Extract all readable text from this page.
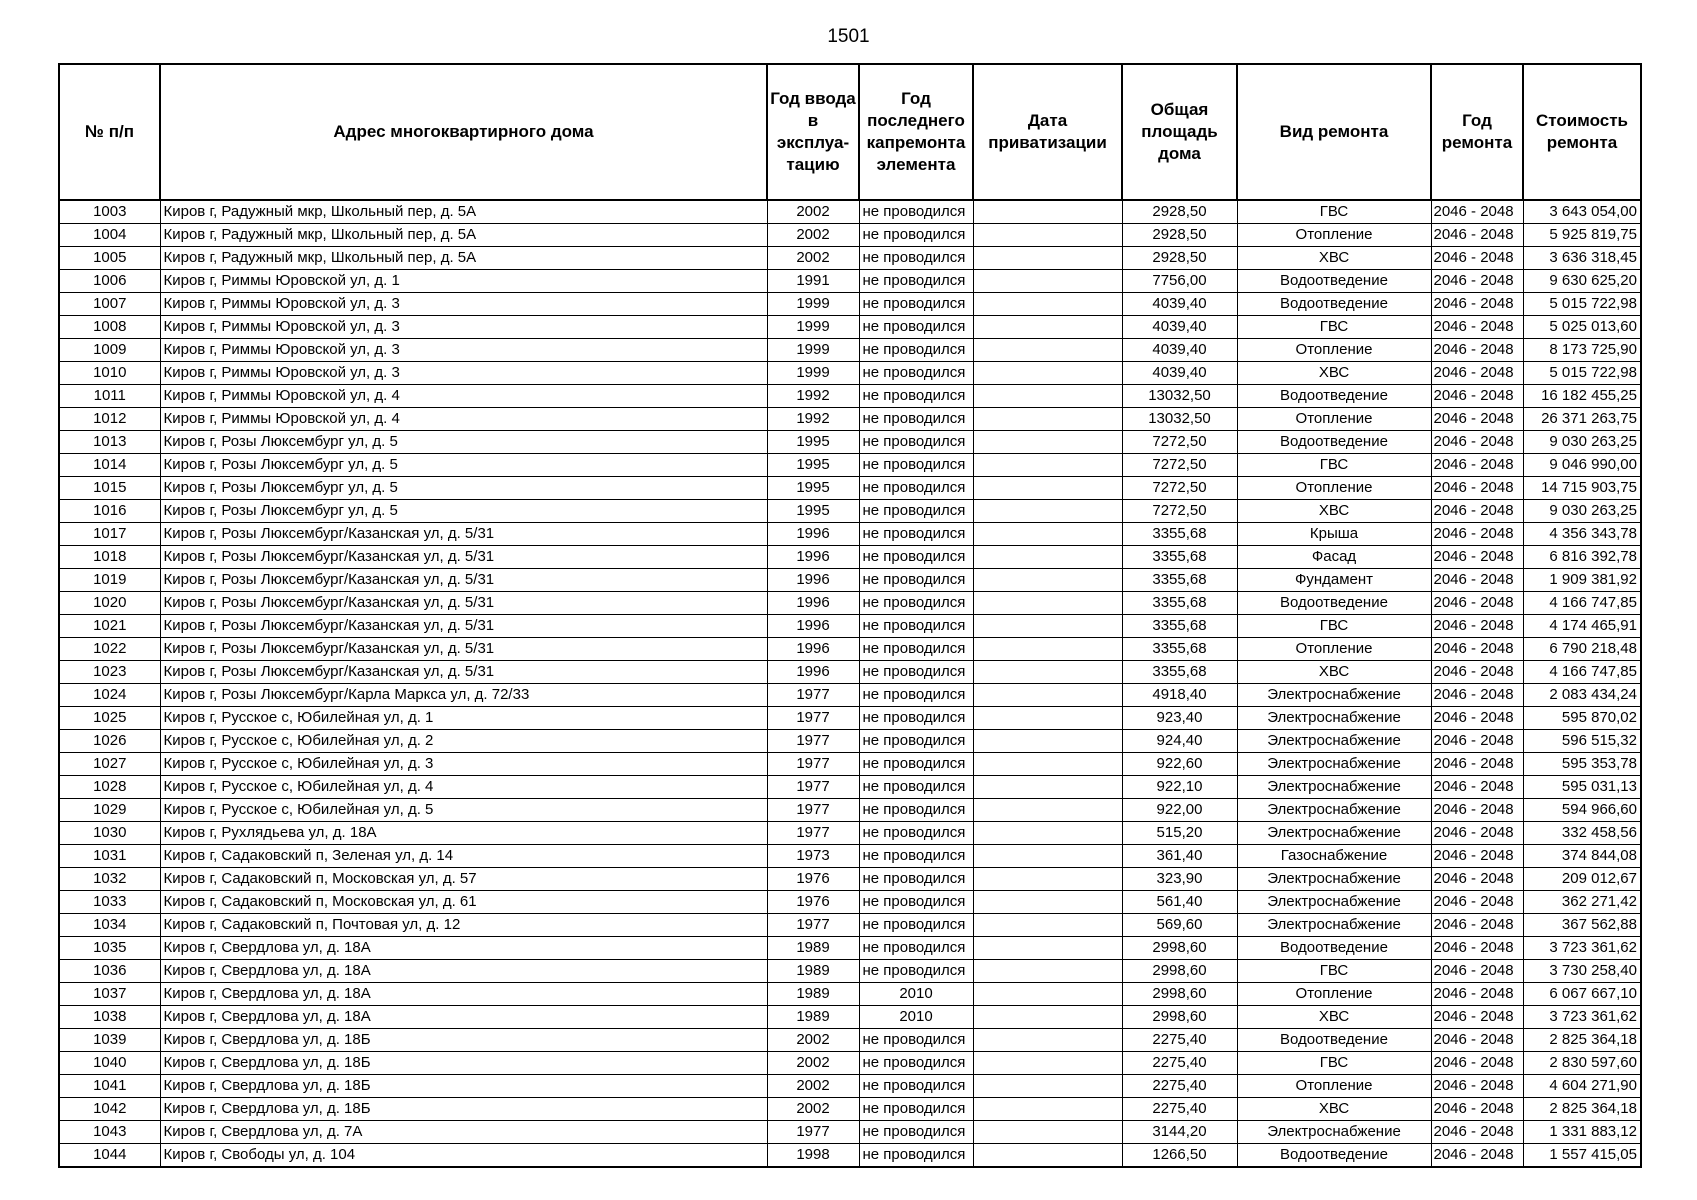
1501
№ п/п	Адрес многоквартирного дома	Год ввода в эксплуа-тацию	Год последнего капремонта элемента	Дата приватизации	Общая площадь дома	Вид ремонта	Год ремонта	Стоимость ремонта
1003	Киров г, Радужный мкр, Школьный пер, д. 5А	2002	не проводился		2928,50	ГВС	2046 - 2048	3 643 054,00
1004	Киров г, Радужный мкр, Школьный пер, д. 5А	2002	не проводился		2928,50	Отопление	2046 - 2048	5 925 819,75
1005	Киров г, Радужный мкр, Школьный пер, д. 5А	2002	не проводился		2928,50	ХВС	2046 - 2048	3 636 318,45
1006	Киров г, Риммы Юровской ул, д. 1	1991	не проводился		7756,00	Водоотведение	2046 - 2048	9 630 625,20
1007	Киров г, Риммы Юровской ул, д. 3	1999	не проводился		4039,40	Водоотведение	2046 - 2048	5 015 722,98
1008	Киров г, Риммы Юровской ул, д. 3	1999	не проводился		4039,40	ГВС	2046 - 2048	5 025 013,60
1009	Киров г, Риммы Юровской ул, д. 3	1999	не проводился		4039,40	Отопление	2046 - 2048	8 173 725,90
1010	Киров г, Риммы Юровской ул, д. 3	1999	не проводился		4039,40	ХВС	2046 - 2048	5 015 722,98
1011	Киров г, Риммы Юровской ул, д. 4	1992	не проводился		13032,50	Водоотведение	2046 - 2048	16 182 455,25
1012	Киров г, Риммы Юровской ул, д. 4	1992	не проводился		13032,50	Отопление	2046 - 2048	26 371 263,75
1013	Киров г, Розы Люксембург ул, д. 5	1995	не проводился		7272,50	Водоотведение	2046 - 2048	9 030 263,25
1014	Киров г, Розы Люксембург ул, д. 5	1995	не проводился		7272,50	ГВС	2046 - 2048	9 046 990,00
1015	Киров г, Розы Люксембург ул, д. 5	1995	не проводился		7272,50	Отопление	2046 - 2048	14 715 903,75
1016	Киров г, Розы Люксембург ул, д. 5	1995	не проводился		7272,50	ХВС	2046 - 2048	9 030 263,25
1017	Киров г, Розы Люксембург/Казанская ул, д. 5/31	1996	не проводился		3355,68	Крыша	2046 - 2048	4 356 343,78
1018	Киров г, Розы Люксембург/Казанская ул, д. 5/31	1996	не проводился		3355,68	Фасад	2046 - 2048	6 816 392,78
1019	Киров г, Розы Люксембург/Казанская ул, д. 5/31	1996	не проводился		3355,68	Фундамент	2046 - 2048	1 909 381,92
1020	Киров г, Розы Люксембург/Казанская ул, д. 5/31	1996	не проводился		3355,68	Водоотведение	2046 - 2048	4 166 747,85
1021	Киров г, Розы Люксембург/Казанская ул, д. 5/31	1996	не проводился		3355,68	ГВС	2046 - 2048	4 174 465,91
1022	Киров г, Розы Люксембург/Казанская ул, д. 5/31	1996	не проводился		3355,68	Отопление	2046 - 2048	6 790 218,48
1023	Киров г, Розы Люксембург/Казанская ул, д. 5/31	1996	не проводился		3355,68	ХВС	2046 - 2048	4 166 747,85
1024	Киров г, Розы Люксембург/Карла Маркса ул, д. 72/33	1977	не проводился		4918,40	Электроснабжение	2046 - 2048	2 083 434,24
1025	Киров г, Русское с, Юбилейная ул, д. 1	1977	не проводился		923,40	Электроснабжение	2046 - 2048	595 870,02
1026	Киров г, Русское с, Юбилейная ул, д. 2	1977	не проводился		924,40	Электроснабжение	2046 - 2048	596 515,32
1027	Киров г, Русское с, Юбилейная ул, д. 3	1977	не проводился		922,60	Электроснабжение	2046 - 2048	595 353,78
1028	Киров г, Русское с, Юбилейная ул, д. 4	1977	не проводился		922,10	Электроснабжение	2046 - 2048	595 031,13
1029	Киров г, Русское с, Юбилейная ул, д. 5	1977	не проводился		922,00	Электроснабжение	2046 - 2048	594 966,60
1030	Киров г, Рухлядьева ул, д. 18А	1977	не проводился		515,20	Электроснабжение	2046 - 2048	332 458,56
1031	Киров г, Садаковский п, Зеленая ул, д. 14	1973	не проводился		361,40	Газоснабжение	2046 - 2048	374 844,08
1032	Киров г, Садаковский п, Московская ул, д. 57	1976	не проводился		323,90	Электроснабжение	2046 - 2048	209 012,67
1033	Киров г, Садаковский п, Московская ул, д. 61	1976	не проводился		561,40	Электроснабжение	2046 - 2048	362 271,42
1034	Киров г, Садаковский п, Почтовая ул, д. 12	1977	не проводился		569,60	Электроснабжение	2046 - 2048	367 562,88
1035	Киров г, Свердлова ул, д. 18А	1989	не проводился		2998,60	Водоотведение	2046 - 2048	3 723 361,62
1036	Киров г, Свердлова ул, д. 18А	1989	не проводился		2998,60	ГВС	2046 - 2048	3 730 258,40
1037	Киров г, Свердлова ул, д. 18А	1989	2010		2998,60	Отопление	2046 - 2048	6 067 667,10
1038	Киров г, Свердлова ул, д. 18А	1989	2010		2998,60	ХВС	2046 - 2048	3 723 361,62
1039	Киров г, Свердлова ул, д. 18Б	2002	не проводился		2275,40	Водоотведение	2046 - 2048	2 825 364,18
1040	Киров г, Свердлова ул, д. 18Б	2002	не проводился		2275,40	ГВС	2046 - 2048	2 830 597,60
1041	Киров г, Свердлова ул, д. 18Б	2002	не проводился		2275,40	Отопление	2046 - 2048	4 604 271,90
1042	Киров г, Свердлова ул, д. 18Б	2002	не проводился		2275,40	ХВС	2046 - 2048	2 825 364,18
1043	Киров г, Свердлова ул, д. 7А	1977	не проводился		3144,20	Электроснабжение	2046 - 2048	1 331 883,12
1044	Киров г, Свободы ул, д. 104	1998	не проводился		1266,50	Водоотведение	2046 - 2048	1 557 415,05
